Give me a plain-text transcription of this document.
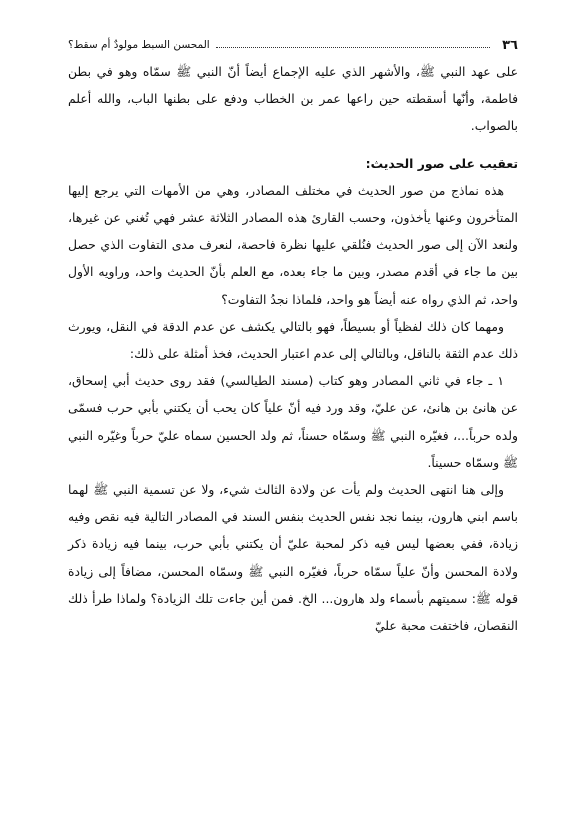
٣٦
المحسن السبط مولودٌ أم سقط؟

على عهد النبي ﷺ، والأشهر الذي عليه الإجماع أيضاً أنّ النبي ﷺ سمّاه وهو في بطن فاطمة، وأنّها أسقطته حين راعها عمر بن الخطاب ودفع على بطنها الباب، والله أعلم بالصواب.

تعقيب على صور الحديث:

هذه نماذج من صور الحديث في مختلف المصادر، وهي من الأمهات التي يرجع إليها المتأخرون وعنها يأخذون، وحسب القارئ هذه المصادر الثلاثة عشر فهي تُغني عن غيرها، ولنعد الآن إلى صور الحديث فنُلقي عليها نظرة فاحصة، لنعرف مدى التفاوت الذي حصل بين ما جاء في أقدم مصدر، وبين ما جاء بعده، مع العلم بأنّ الحديث واحد، وراويه الأول واحد، ثم الذي رواه عنه أيضاً هو واحد، فلماذا نجدُ التفاوت؟

ومهما كان ذلك لفظياً أو بسيطاً، فهو بالتالي يكشف عن عدم الدقة في النقل، ويورث ذلك عدم الثقة بالناقل، وبالتالي إلى عدم اعتبار الحديث، فخذ أمثلة على ذلك:

١ ـ جاء في ثاني المصادر وهو كتاب (مسند الطيالسي) فقد روى حديث أبي إسحاق، عن هانئ بن هانئ، عن عليّ، وقد ورد فيه أنّ علياً كان يحب أن يكتني بأبي حرب فسمّى ولده حرباً...، فغيّره النبي ﷺ وسمّاه حسناً، ثم ولد الحسين سماه عليّ حرباً وغيّره النبي ﷺ وسمّاه حسيناً.

وإلى هنا انتهى الحديث ولم يأت عن ولادة الثالث شيء، ولا عن تسمية النبي ﷺ لهما باسم ابني هارون، بينما نجد نفس الحديث بنفس السند في المصادر التالية فيه نقص وفيه زيادة، ففي بعضها ليس فيه ذكر لمحبة عليّ أن يكتني بأبي حرب، بينما فيه زيادة ذكر ولادة المحسن وأنّ علياً سمّاه حرباً، فغيّره النبي ﷺ وسمّاه المحسن، مضافاً إلى زيادة قوله ﷺ: سميتهم بأسماء ولد هارون... الخ. فمن أين جاءت تلك الزيادة؟ ولماذا طرأ ذلك النقصان، فاختفت محبة عليّ
